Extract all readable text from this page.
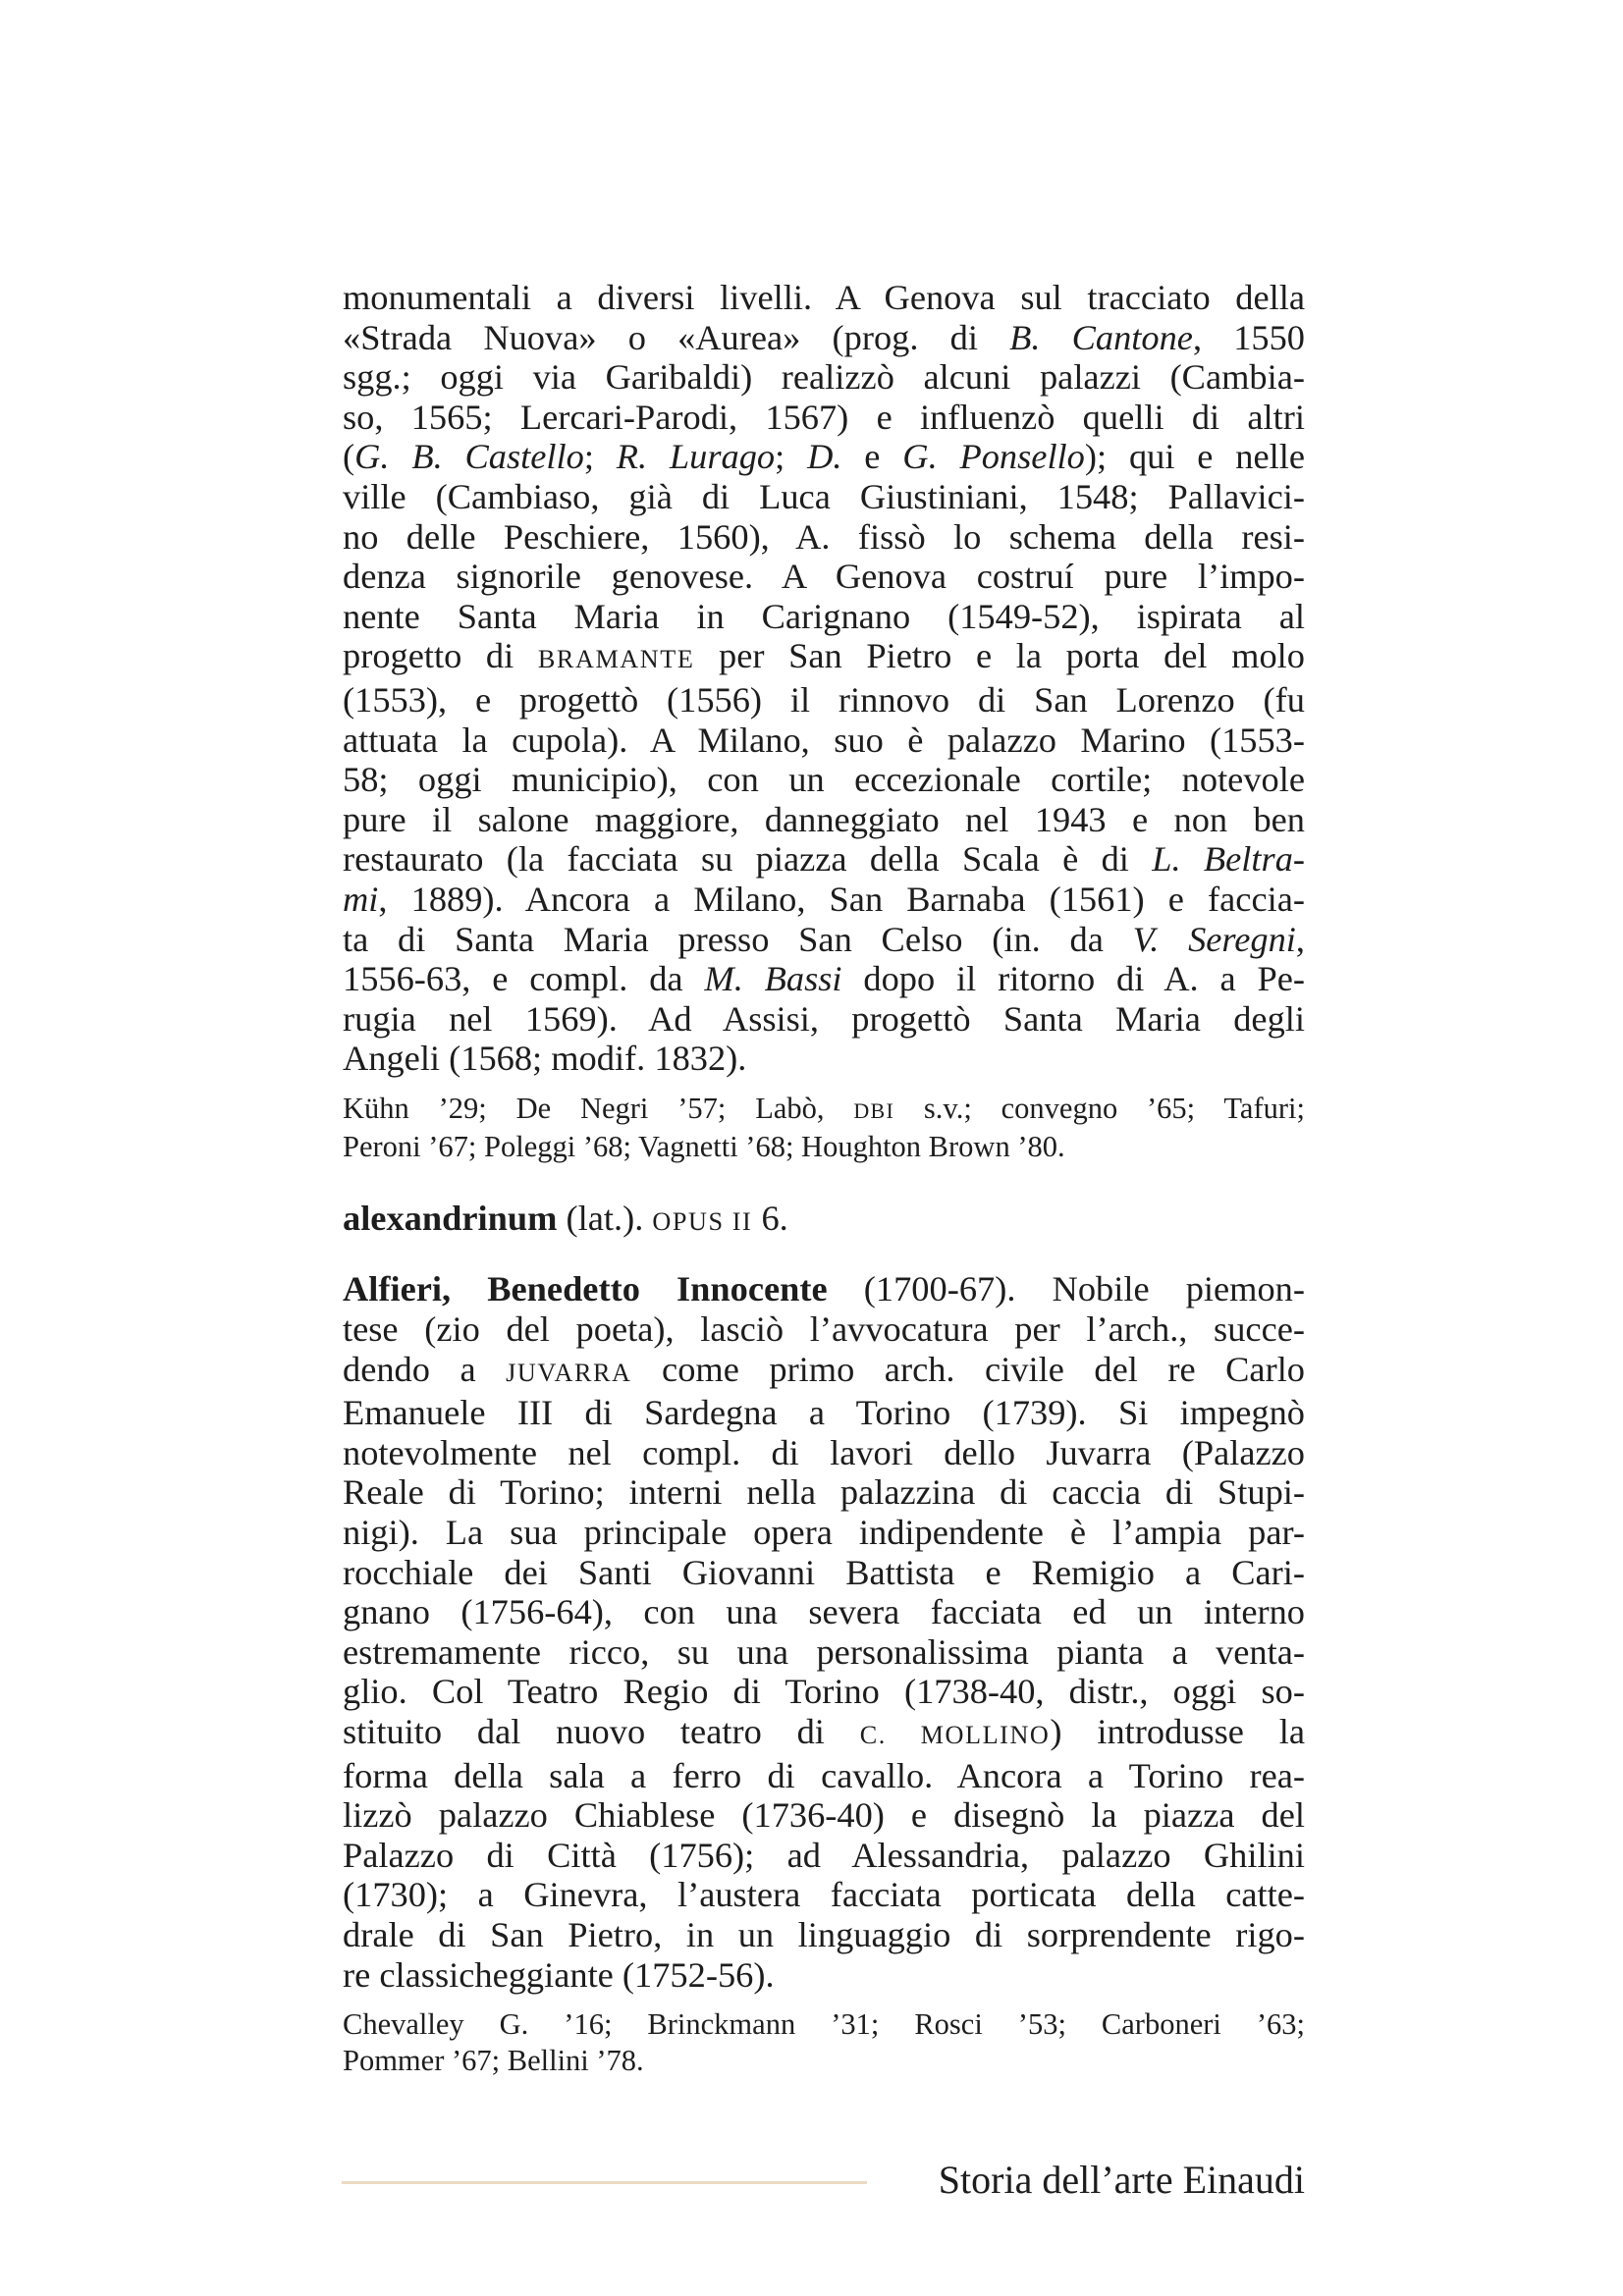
monumentali a diversi livelli. A Genova sul tracciato della
«Strada Nuova» o «Aurea» (prog. di B. Cantone, 1550
sgg.; oggi via Garibaldi) realizzò alcuni palazzi (Cambia-
so, 1565; Lercari-Parodi, 1567) e influenzò quelli di altri
(G. B. Castello; R. Lurago; D. e G. Ponsello); qui e nelle
ville (Cambiaso, già di Luca Giustiniani, 1548; Pallavici-
no delle Peschiere, 1560), A. fissò lo schema della resi-
denza signorile genovese. A Genova costruí pure l’impo-
nente Santa Maria in Carignano (1549-52), ispirata al
progetto di BRAMANTE per San Pietro e la porta del molo
(1553), e progettò (1556) il rinnovo di San Lorenzo (fu
attuata la cupola). A Milano, suo è palazzo Marino (1553-
58; oggi municipio), con un eccezionale cortile; notevole
pure il salone maggiore, danneggiato nel 1943 e non ben
restaurato (la facciata su piazza della Scala è di L. Beltra-
mi, 1889). Ancora a Milano, San Barnaba (1561) e faccia-
ta di Santa Maria presso San Celso (in. da V. Seregni,
1556-63, e compl. da M. Bassi dopo il ritorno di A. a Pe-
rugia nel 1569). Ad Assisi, progettò Santa Maria degli
Angeli (1568; modif. 1832).
Kühn ’29; De Negri ’57; Labò, DBI s.v.; convegno ’65; Tafuri;
Peroni ’67; Poleggi ’68; Vagnetti ’68; Houghton Brown ’80.
alexandrinum (lat.). OPUS II 6.
Alfieri, Benedetto Innocente (1700-67). Nobile piemon-
tese (zio del poeta), lasciò l’avvocatura per l’arch., succe-
dendo a JUVARRA come primo arch. civile del re Carlo
Emanuele III di Sardegna a Torino (1739). Si impegnò
notevolmente nel compl. di lavori dello Juvarra (Palazzo
Reale di Torino; interni nella palazzina di caccia di Stupi-
nigi). La sua principale opera indipendente è l’ampia par-
rocchiale dei Santi Giovanni Battista e Remigio a Cari-
gnano (1756-64), con una severa facciata ed un interno
estremamente ricco, su una personalissima pianta a venta-
glio. Col Teatro Regio di Torino (1738-40, distr., oggi so-
stituito dal nuovo teatro di C. MOLLINO) introdusse la
forma della sala a ferro di cavallo. Ancora a Torino rea-
lizzò palazzo Chiablese (1736-40) e disegnò la piazza del
Palazzo di Città (1756); ad Alessandria, palazzo Ghilini
(1730); a Ginevra, l’austera facciata porticata della catte-
drale di San Pietro, in un linguaggio di sorprendente rigo-
re classicheggiante (1752-56).
Chevalley G. ’16; Brinckmann ’31; Rosci ’53; Carboneri ’63;
Pommer ’67; Bellini ’78.
Storia dell’arte Einaudi
